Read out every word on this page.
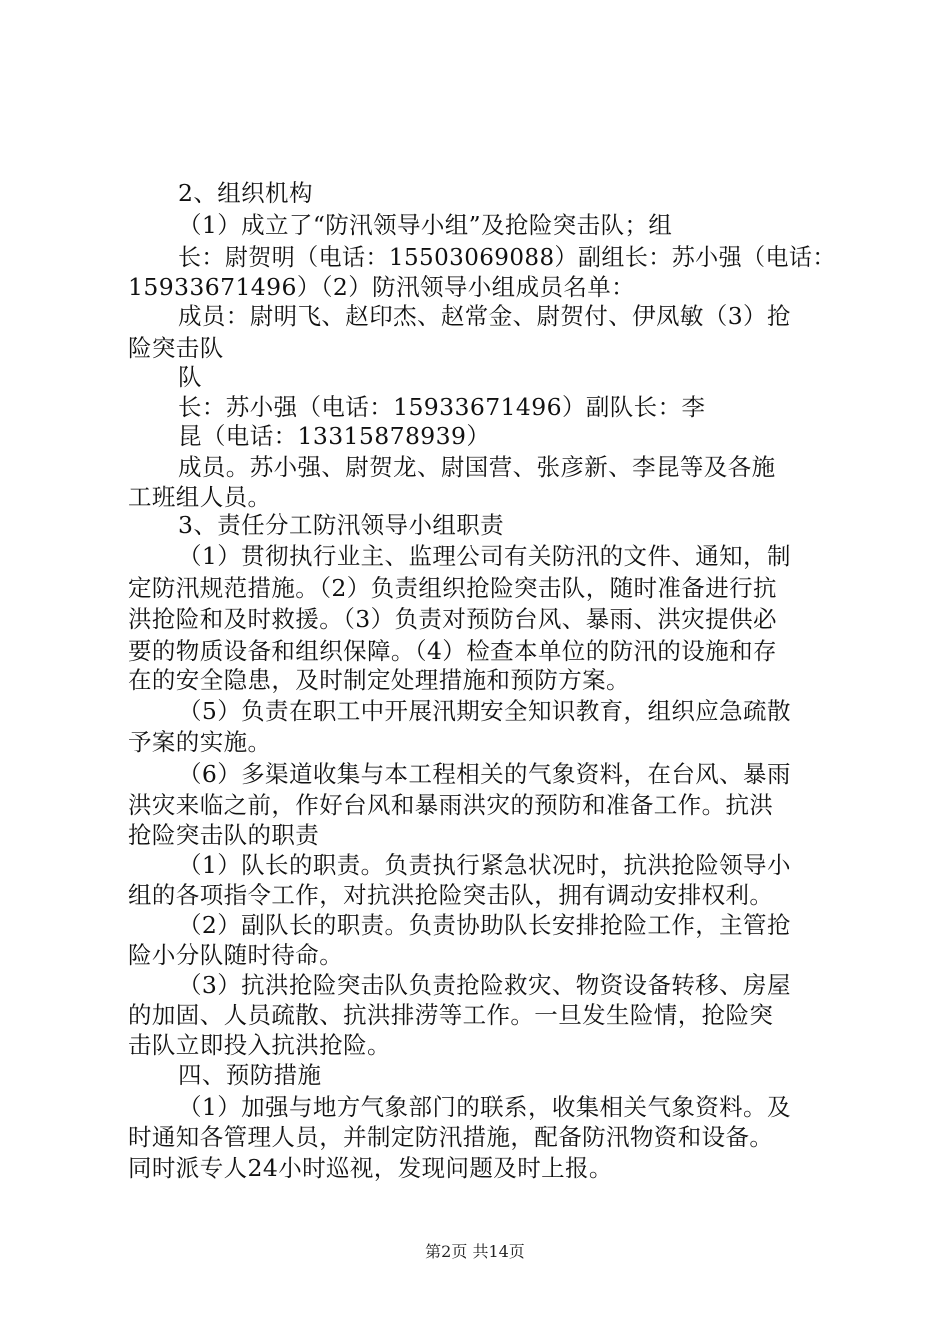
2、组织机构
（1）成立了“防汛领导小组”及抢险突击队；组
长：尉贺明（电话：15503069088）副组长：苏小强（电话：
15933671496）（2）防汛领导小组成员名单：
成员：尉明飞、赵印杰、赵常金、尉贺付、伊凤敏（3）抢
险突击队
队
长：苏小强（电话：15933671496）副队长：李
昆（电话：13315878939）
成员。苏小强、尉贺龙、尉国营、张彦新、李昆等及各施
工班组人员。
3、责任分工防汛领导小组职责
（1）贯彻执行业主、监理公司有关防汛的文件、通知，制
定防汛规范措施。（2）负责组织抢险突击队，随时准备进行抗
洪抢险和及时救援。（3）负责对预防台风、暴雨、洪灾提供必
要的物质设备和组织保障。（4）检查本单位的防汛的设施和存
在的安全隐患，及时制定处理措施和预防方案。
（5）负责在职工中开展汛期安全知识教育，组织应急疏散
予案的实施。
（6）多渠道收集与本工程相关的气象资料，在台风、暴雨
洪灾来临之前，作好台风和暴雨洪灾的预防和准备工作。抗洪
抢险突击队的职责
（1）队长的职责。负责执行紧急状况时，抗洪抢险领导小
组的各项指令工作，对抗洪抢险突击队，拥有调动安排权利。
（2）副队长的职责。负责协助队长安排抢险工作，主管抢
险小分队随时待命。
（3）抗洪抢险突击队负责抢险救灾、物资设备转移、房屋
的加固、人员疏散、抗洪排涝等工作。一旦发生险情，抢险突
击队立即投入抗洪抢险。
四、预防措施
（1）加强与地方气象部门的联系，收集相关气象资料。及
时通知各管理人员，并制定防汛措施，配备防汛物资和设备。
同时派专人24小时巡视，发现问题及时上报。
第2页 共14页
